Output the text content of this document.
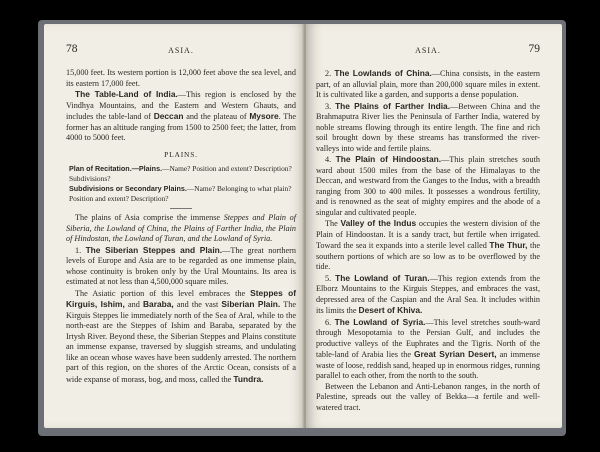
78	ASIA.

15,000 feet. Its western portion is 12,000 feet above the sea level, and its eastern 17,000 feet.

The Table-Land of India.—This region is enclosed by the Vindhya Mountains, and the Eastern and Western Ghauts, and includes the table-land of Deccan and the plateau of Mysore. The former has an altitude ranging from 1500 to 2500 feet; the latter, from 4000 to 5000 feet.

PLAINS.

Plan of Recitation.—Plains.—Name? Position and extent? Description? Subdivisions?

Subdivisions or Secondary Plains.—Name? Belonging to what plain? Position and extent? Description?

The plains of Asia comprise the immense Steppes and Plain of Siberia, the Lowland of China, the Plains of Farther India, the Plain of Hindostan, the Lowland of Turan, and the Lowland of Syria.

1. The Siberian Steppes and Plain.—The great northern levels of Europe and Asia are to be regarded as one immense plain, whose continuity is broken only by the Ural Mountains. Its area is estimated at not less than 4,500,000 square miles.

The Asiatic portion of this level embraces the Steppes of Kirguis, Ishim, and Baraba, and the vast Siberian Plain. The Kirguis Steppes lie immediately north of the Sea of Aral, while to the north-east are the Steppes of Ishim and Baraba, separated by the Irtysh River. Beyond these, the Siberian Steppes and Plains constitute an immense expanse, traversed by sluggish streams, and undulating like an ocean whose waves have been suddenly arrested. The northern part of this region, on the shores of the Arctic Ocean, consists of a wide expanse of morass, bog, and moss, called the Tundra.

ASIA.	79

2. The Lowlands of China.—China consists, in the eastern part, of an alluvial plain, more than 200,000 square miles in extent. It is cultivated like a garden, and supports a dense population.

3. The Plains of Farther India.—Between China and the Brahmaputra River lies the Peninsula of Farther India, watered by noble streams flowing through its entire length. The fine and rich soil brought down by these streams has transformed the river-valleys into wide and fertile plains.

4. The Plain of Hindoostan.—This plain stretches south ward about 1500 miles from the base of the Himalayas to the Deccan, and westward from the Ganges to the Indus, with a breadth ranging from 300 to 400 miles. It possesses a wondrous fertility, and is renowned as the seat of mighty empires and the abode of a singular and cultivated people.

The Valley of the Indus occupies the western division of the Plain of Hindoostan. It is a sandy tract, but fertile when irrigated. Toward the sea it expands into a sterile level called The Thur, the southern portions of which are so low as to be overflowed by the tide.

5. The Lowland of Turan.—This region extends from the Elborz Mountains to the Kirguis Steppes, and embraces the vast, depressed area of the Caspian and the Aral Sea. It includes within its limits the Desert of Khiva.

6. The Lowland of Syria.—This level stretches south-ward through Mesopotamia to the Persian Gulf, and includes the productive valleys of the Euphrates and the Tigris. North of the table-land of Arabia lies the Great Syrian Desert, an immense waste of loose, reddish sand, heaped up in enormous ridges, running parallel to each other, from the north to the south.

Between the Lebanon and Anti-Lebanon ranges, in the north of Palestine, spreads out the valley of Bekka—a fertile and well-watered tract.
